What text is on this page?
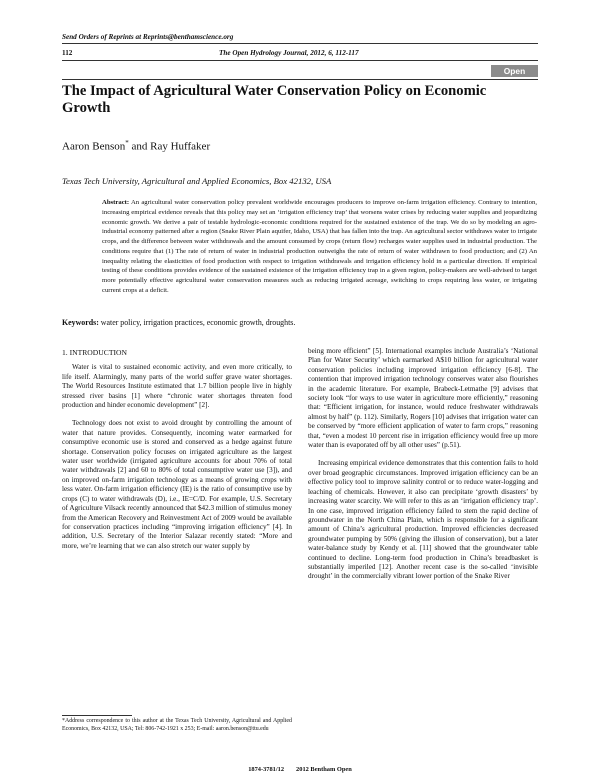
Send Orders of Reprints at Reprints@benthamscience.org
112	The Open Hydrology Journal, 2012, 6, 112-117
Open Access
The Impact of Agricultural Water Conservation Policy on Economic Growth
Aaron Benson* and Ray Huffaker
Texas Tech University, Agricultural and Applied Economics, Box 42132, USA

Abstract: An agricultural water conservation policy prevalent worldwide encourages producers to improve on-farm irrigation efficiency. Contrary to intention, increasing empirical evidence reveals that this policy may set an ‘irrigation efficiency trap’ that worsens water crises by reducing water supplies and jeopardizing economic growth. We derive a pair of testable hydrologic-economic conditions required for the sustained existence of the trap. We do so by modeling an agro-industrial economy patterned after a region (Snake River Plain aquifer, Idaho, USA) that has fallen into the trap. An agricultural sector withdraws water to irrigate crops, and the difference between water withdrawals and the amount consumed by crops (return flow) recharges water supplies used in industrial production. The conditions require that (1) The rate of return of water in industrial production outweighs the rate of return of water withdrawn to food production; and (2) An inequality relating the elasticities of food production with respect to irrigation withdrawals and irrigation efficiency hold in a particular direction. If empirical testing of these conditions provides evidence of the sustained existence of the irrigation efficiency trap in a given region, policy-makers are well-advised to target more potentially effective agricultural water conservation measures such as reducing irrigated acreage, switching to crops requiring less water, or irrigating current crops at a deficit.

Keywords: water policy, irrigation practices, economic growth, droughts.

1. INTRODUCTION

Water is vital to sustained economic activity, and even more critically, to life itself. Alarmingly, many parts of the world suffer grave water shortages. The World Resources Institute estimated that 1.7 billion people live in highly stressed river basins [1] where “chronic water shortages threaten food production and hinder economic development” [2].

Technology does not exist to avoid drought by controlling the amount of water that nature provides. Consequently, incoming water earmarked for consumptive economic use is stored and conserved as a hedge against future shortage. Conservation policy focuses on irrigated agriculture as the largest water user worldwide (irrigated agriculture accounts for about 70% of total water withdrawals [2] and 60 to 80% of total consumptive water use [3]), and on improved on-farm irrigation technology as a means of growing crops with less water. On-farm irrigation efficiency (IE) is the ratio of consumptive use by crops (C) to water withdrawals (D), i.e., IE=C/D. For example, U.S. Secretary of Agriculture Vilsack recently announced that $42.3 million of stimulus money from the American Recovery and Reinvestment Act of 2009 would be available for conservation practices including “improving irrigation efficiency” [4]. In addition, U.S. Secretary of the Interior Salazar recently stated: “More and more, we’re learning that we can also stretch our water supply by

being more efficient” [5]. International examples include Australia’s ‘National Plan for Water Security’ which earmarked A$10 billion for agricultural water conservation policies including improved irrigation efficiency [6-8]. The contention that improved irrigation technology conserves water also flourishes in the academic literature. For example, Brabeck-Letmathe [9] advises that society look “for ways to use water in agriculture more efficiently,” reasoning that: “Efficient irrigation, for instance, would reduce freshwater withdrawals almost by half” (p. 112). Similarly, Rogers [10] advises that irrigation water can be conserved by “more efficient application of water to farm crops,” reasoning that, “even a modest 10 percent rise in irrigation efficiency would free up more water than is evaporated off by all other uses” (p.51).

Increasing empirical evidence demonstrates that this contention fails to hold over broad geographic circumstances. Improved irrigation efficiency can be an effective policy tool to improve salinity control or to reduce water-logging and leaching of chemicals. However, it also can precipitate ‘growth disasters’ by increasing water scarcity. We will refer to this as an ‘irrigation efficiency trap’. In one case, improved irrigation efficiency failed to stem the rapid decline of groundwater in the North China Plain, which is responsible for a significant amount of China’s agricultural production. Improved efficiencies decreased groundwater pumping by 50% (giving the illusion of conservation), but a later water-balance study by Kendy et al. [11] showed that the groundwater table continued to decline. Long-term food production in China’s breadbasket is substantially imperiled [12]. Another recent case is the so-called ‘invisible drought’ in the commercially vibrant lower portion of the Snake River

*Address correspondence to this author at the Texas Tech University, Agricultural and Applied Economics, Box 42132, USA; Tel: 806-742-1921 x 253; E-mail: aaron.benson@ttu.edu

1874-3781/12 2012 Bentham Open
